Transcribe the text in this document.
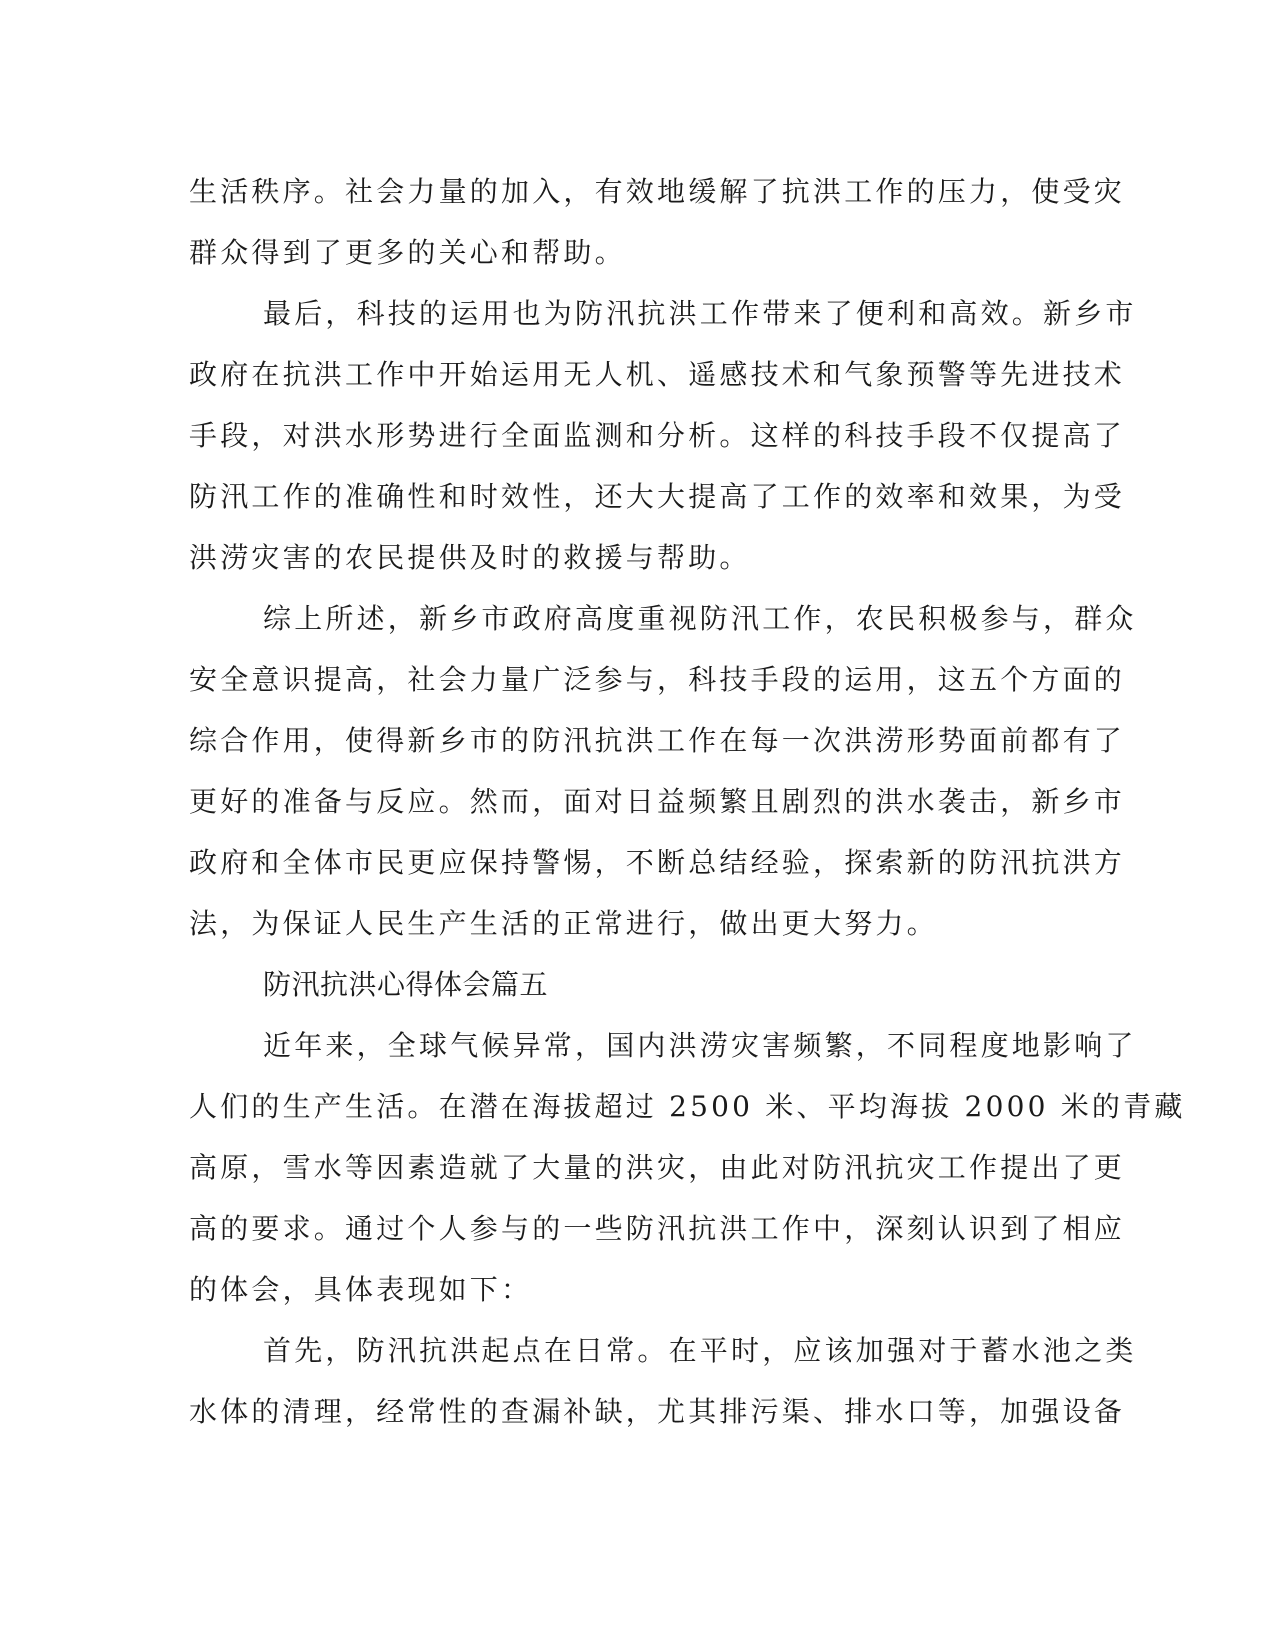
生活秩序。社会力量的加入，有效地缓解了抗洪工作的压力，使受灾
群众得到了更多的关心和帮助。
最后，科技的运用也为防汛抗洪工作带来了便利和高效。新乡市
政府在抗洪工作中开始运用无人机、遥感技术和气象预警等先进技术
手段，对洪水形势进行全面监测和分析。这样的科技手段不仅提高了
防汛工作的准确性和时效性，还大大提高了工作的效率和效果，为受
洪涝灾害的农民提供及时的救援与帮助。
综上所述，新乡市政府高度重视防汛工作，农民积极参与，群众
安全意识提高，社会力量广泛参与，科技手段的运用，这五个方面的
综合作用，使得新乡市的防汛抗洪工作在每一次洪涝形势面前都有了
更好的准备与反应。然而，面对日益频繁且剧烈的洪水袭击，新乡市
政府和全体市民更应保持警惕，不断总结经验，探索新的防汛抗洪方
法，为保证人民生产生活的正常进行，做出更大努力。
防汛抗洪心得体会篇五
近年来，全球气候异常，国内洪涝灾害频繁，不同程度地影响了
人们的生产生活。在潜在海拔超过 2500 米、平均海拔 2000 米的青藏
高原，雪水等因素造就了大量的洪灾，由此对防汛抗灾工作提出了更
高的要求。通过个人参与的一些防汛抗洪工作中，深刻认识到了相应
的体会，具体表现如下：
首先，防汛抗洪起点在日常。在平时，应该加强对于蓄水池之类
水体的清理，经常性的查漏补缺，尤其排污渠、排水口等，加强设备
